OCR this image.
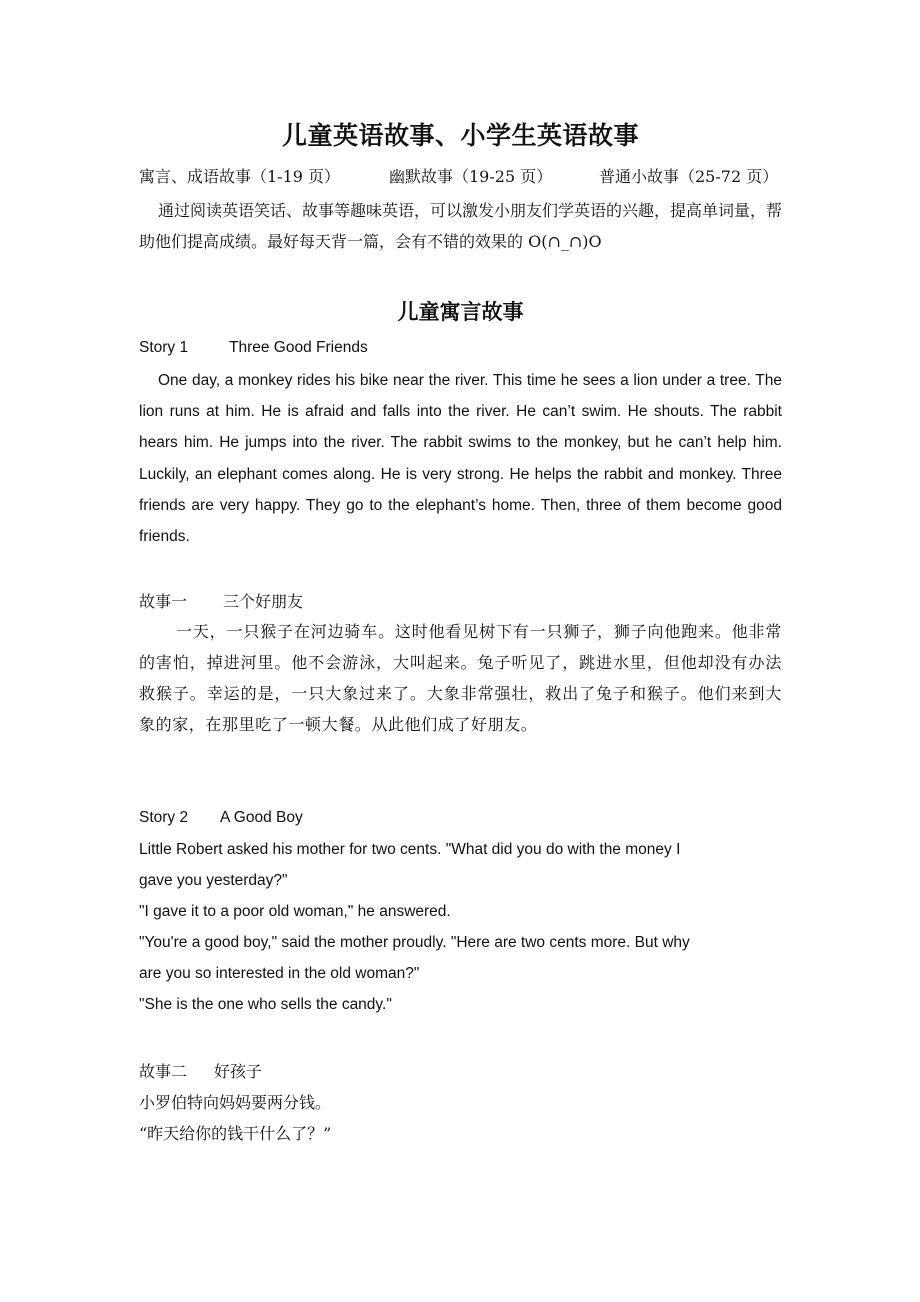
儿童英语故事、小学生英语故事
寓言、成语故事（1-19 页）	幽默故事（19-25 页）	普通小故事（25-72 页）

通过阅读英语笑话、故事等趣味英语，可以激发小朋友们学英语的兴趣，提高单词量，帮助他们提高成绩。最好每天背一篇，会有不错的效果的 O(∩_∩)O

儿童寓言故事
Story 1	Three Good Friends

One day, a monkey rides his bike near the river. This time he sees a lion under a tree. The lion runs at him. He is afraid and falls into the river. He can’t swim. He shouts. The rabbit hears him. He jumps into the river. The rabbit swims to the monkey, but he can’t help him. Luckily, an elephant comes along. He is very strong. He helps the rabbit and monkey. Three friends are very happy. They go to the elephant’s home. Then, three of them become good friends.

故事一 三个好朋友

一天，一只猴子在河边骑车。这时他看见树下有一只狮子，狮子向他跑来。他非常的害怕，掉进河里。他不会游泳，大叫起来。兔子听见了，跳进水里，但他却没有办法救猴子。幸运的是，一只大象过来了。大象非常强壮，救出了兔子和猴子。他们来到大象的家，在那里吃了一顿大餐。从此他们成了好朋友。

Story 2 A Good Boy
Little Robert asked his mother for two cents. "What did you do with the money I
gave you yesterday?"
"I gave it to a poor old woman," he answered.
"You're a good boy," said the mother proudly. "Here are two cents more. But why
are you so interested in the old woman?"
"She is the one who sells the candy."
故事二 好孩子
小罗伯特向妈妈要两分钱。
“昨天给你的钱干什么了？”
